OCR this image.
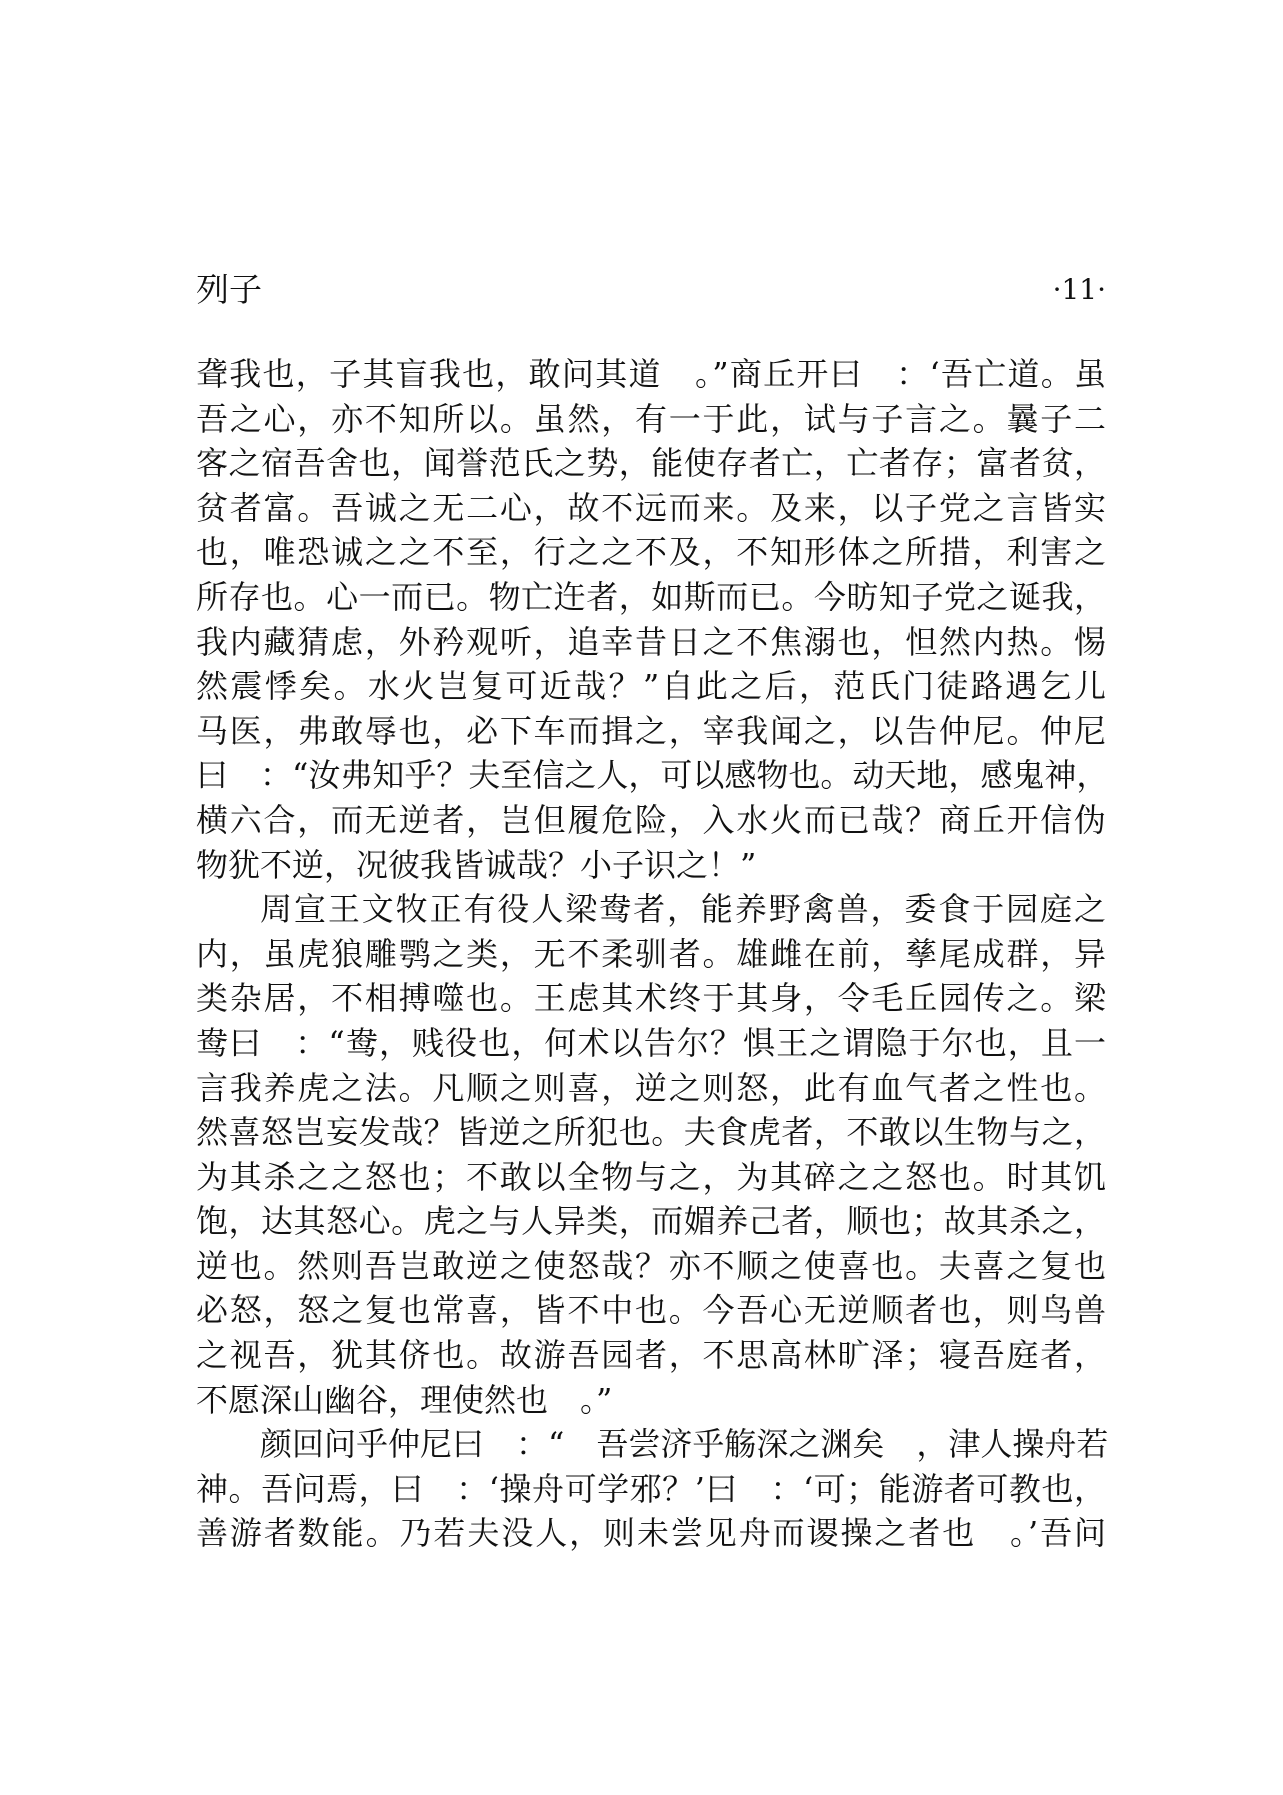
列子	·11·
聋我也，子其盲我也，敢问其道　。”商丘开曰　：‘吾亡道。虽
吾之心，亦不知所以。虽然，有一于此，试与子言之。曩子二
客之宿吾舍也，闻誉范氏之势，能使存者亡，亡者存；富者贫，
贫者富。吾诚之无二心，故不远而来。及来，以子党之言皆实
也，唯恐诚之之不至，行之之不及，不知形体之所措，利害之
所存也。心一而已。物亡迕者，如斯而已。今昉知子党之诞我，
我内藏猜虑，外矜观听，追幸昔日之不焦溺也，怛然内热。惕
然震悸矣。水火岂复可近哉？”自此之后，范氏门徒路遇乞儿
马医，弗敢辱也，必下车而揖之，宰我闻之，以告仲尼。仲尼
曰　：“汝弗知乎？夫至信之人，可以感物也。动天地，感鬼神，
横六合，而无逆者，岂但履危险，入水火而已哉？商丘开信伪
物犹不逆，况彼我皆诚哉？小子识之！”
周宣王文牧正有役人梁鸯者，能养野禽兽，委食于园庭之
内，虽虎狼雕鹗之类，无不柔驯者。雄雌在前，孳尾成群，异
类杂居，不相搏噬也。王虑其术终于其身，令毛丘园传之。梁
鸯曰　：“鸯，贱役也，何术以告尔？惧王之谓隐于尔也，且一
言我养虎之法。凡顺之则喜，逆之则怒，此有血气者之性也。
然喜怒岂妄发哉？皆逆之所犯也。夫食虎者，不敢以生物与之，
为其杀之之怒也；不敢以全物与之，为其碎之之怒也。时其饥
饱，达其怒心。虎之与人异类，而媚养己者，顺也；故其杀之，
逆也。然则吾岂敢逆之使怒哉？亦不顺之使喜也。夫喜之复也
必怒，怒之复也常喜，皆不中也。今吾心无逆顺者也，则鸟兽
之视吾，犹其侪也。故游吾园者，不思高林旷泽；寝吾庭者，
不愿深山幽谷，理使然也　。”
颜回问乎仲尼曰　：“　吾尝济乎觞深之渊矣　，津人操舟若
神。吾问焉，曰　：‘操舟可学邪？’曰　：‘可；能游者可教也，
善游者数能。乃若夫没人，则未尝见舟而谡操之者也　。’吾问
